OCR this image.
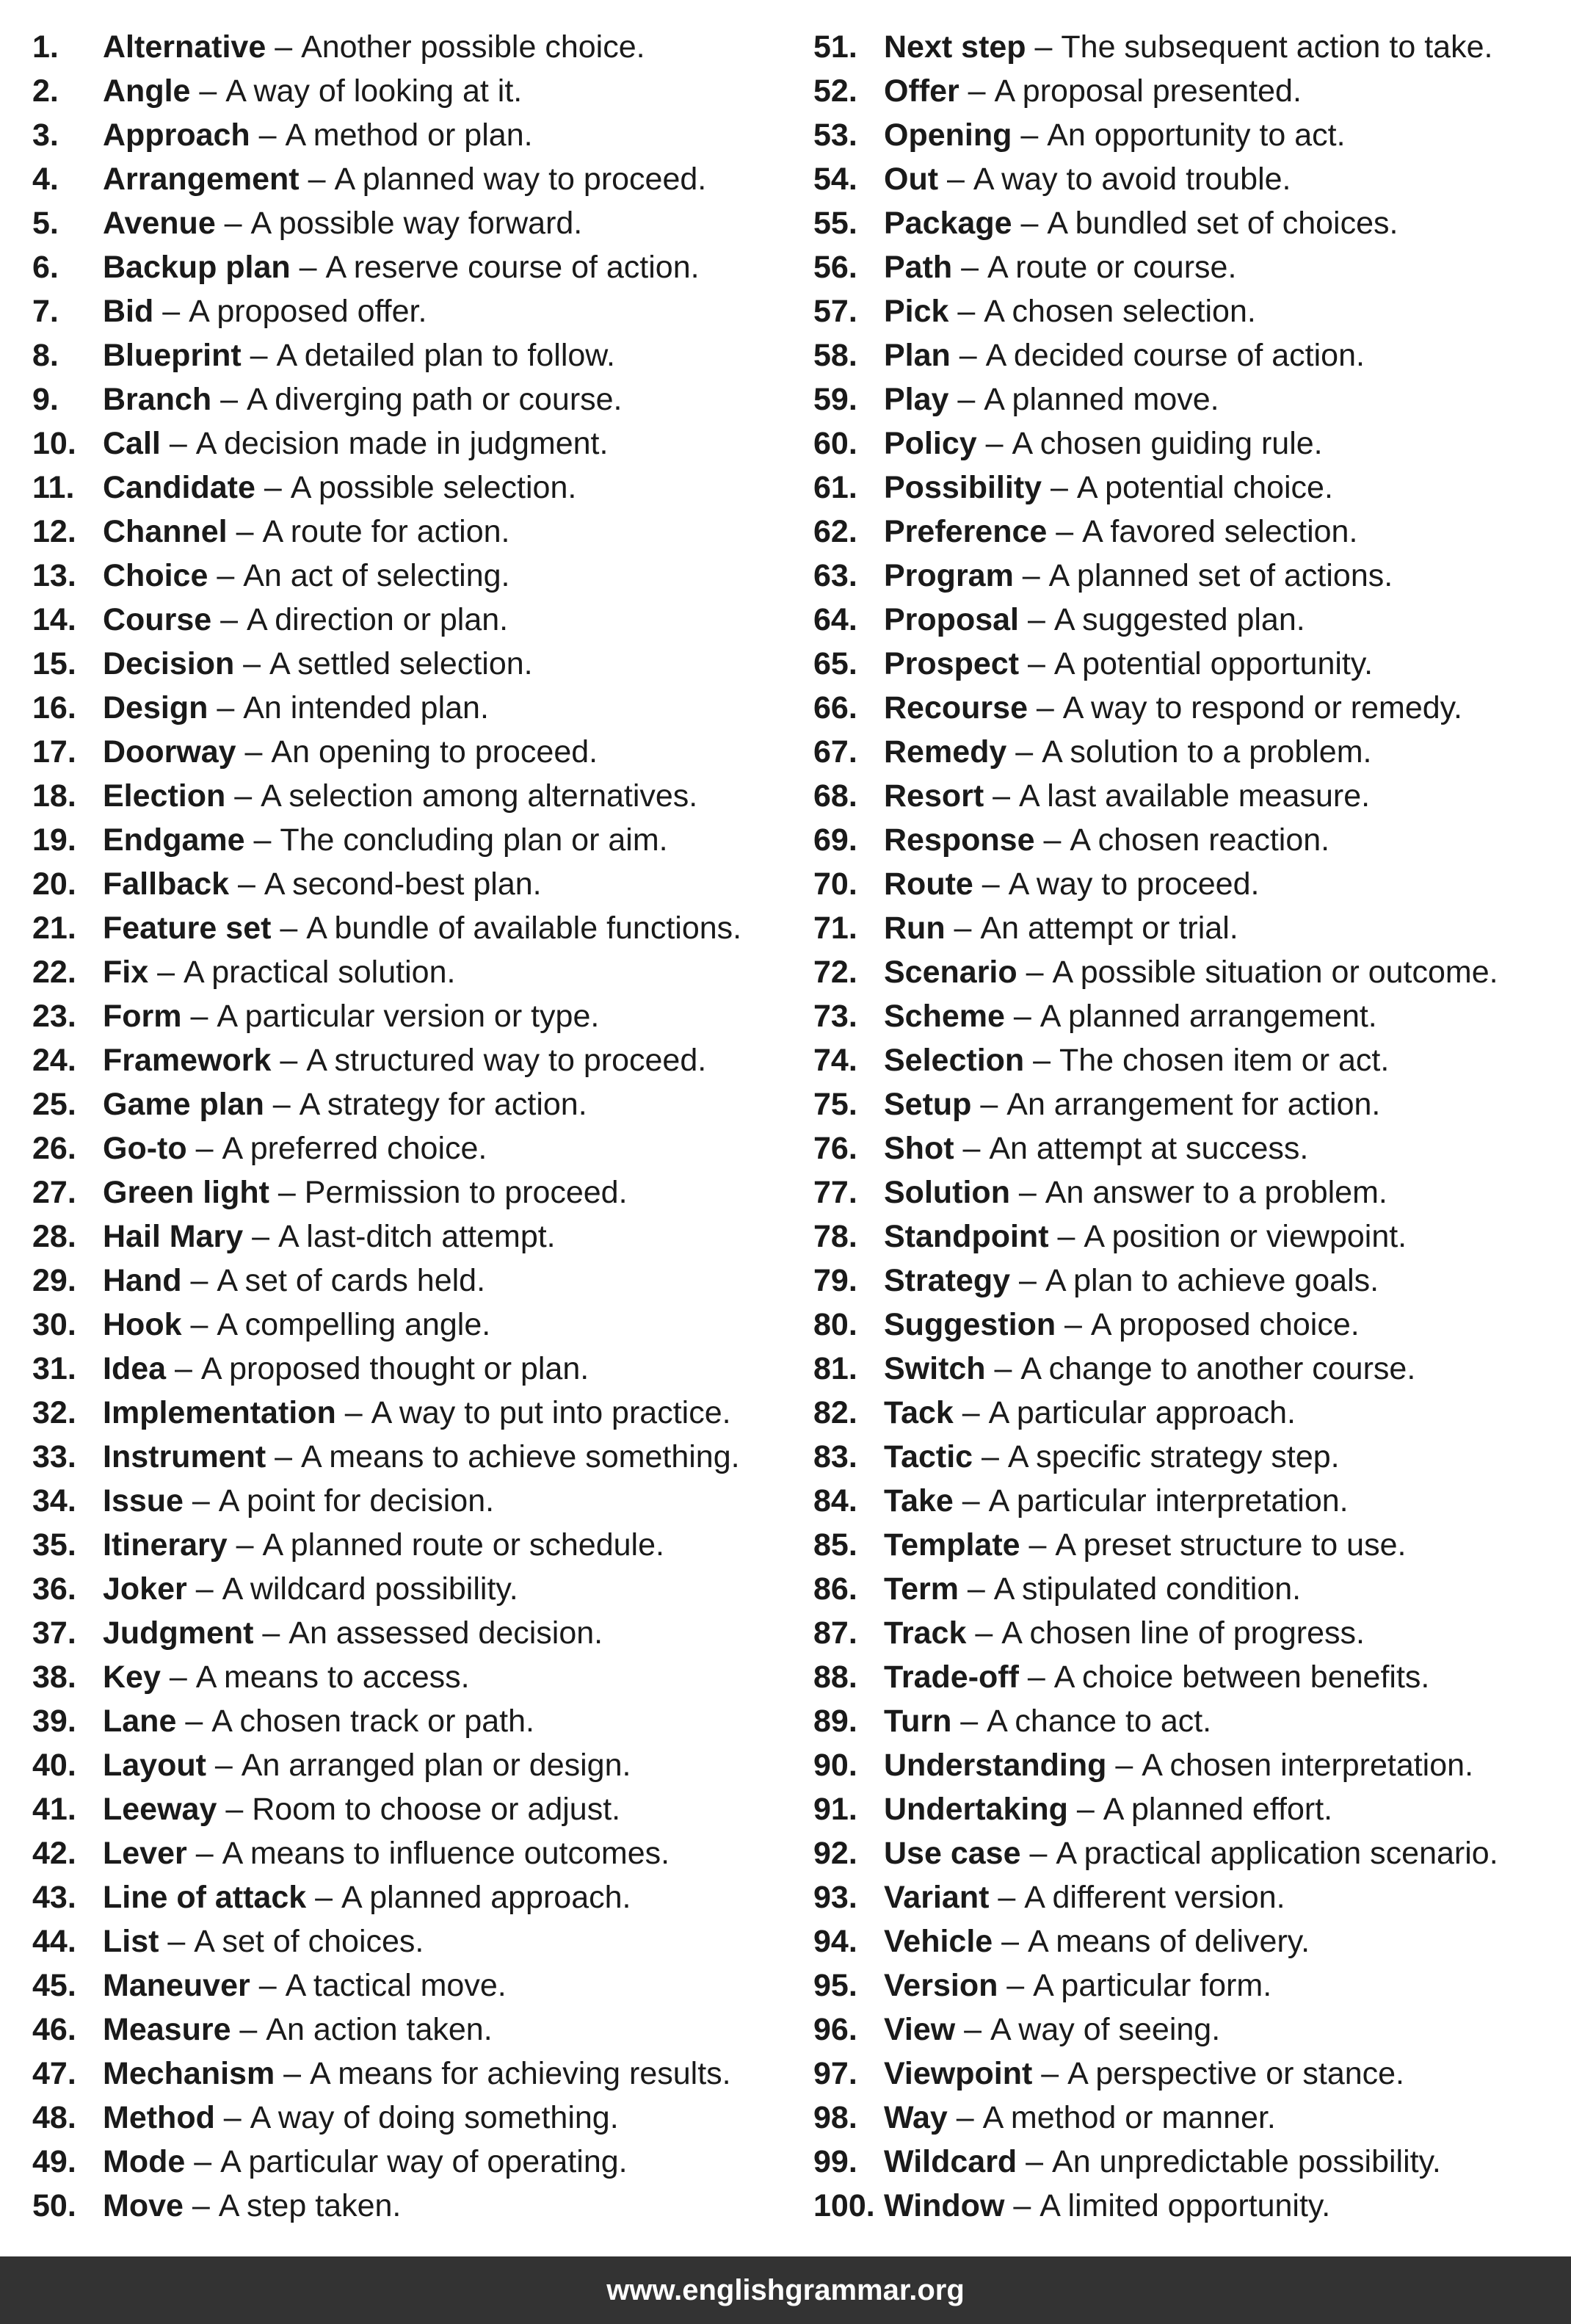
1.	Alternative – Another possible choice.
2.	Angle – A way of looking at it.
3.	Approach – A method or plan.
4.	Arrangement – A planned way to proceed.
5.	Avenue – A possible way forward.
6.	Backup plan – A reserve course of action.
7.	Bid – A proposed offer.
8.	Blueprint – A detailed plan to follow.
9.	Branch – A diverging path or course.
10. Call – A decision made in judgment.
11. Candidate – A possible selection.
12. Channel – A route for action.
13. Choice – An act of selecting.
14. Course – A direction or plan.
15. Decision – A settled selection.
16. Design – An intended plan.
17. Doorway – An opening to proceed.
18. Election – A selection among alternatives.
19. Endgame – The concluding plan or aim.
20. Fallback – A second-best plan.
21. Feature set – A bundle of available functions.
22. Fix – A practical solution.
23. Form – A particular version or type.
24. Framework – A structured way to proceed.
25. Game plan – A strategy for action.
26. Go-to – A preferred choice.
27. Green light – Permission to proceed.
28. Hail Mary – A last-ditch attempt.
29. Hand – A set of cards held.
30. Hook – A compelling angle.
31. Idea – A proposed thought or plan.
32. Implementation – A way to put into practice.
33. Instrument – A means to achieve something.
34. Issue – A point for decision.
35. Itinerary – A planned route or schedule.
36. Joker – A wildcard possibility.
37. Judgment – An assessed decision.
38. Key – A means to access.
39. Lane – A chosen track or path.
40. Layout – An arranged plan or design.
41. Leeway – Room to choose or adjust.
42. Lever – A means to influence outcomes.
43. Line of attack – A planned approach.
44. List – A set of choices.
45. Maneuver – A tactical move.
46. Measure – An action taken.
47. Mechanism – A means for achieving results.
48. Method – A way of doing something.
49. Mode – A particular way of operating.
50. Move – A step taken.
51. Next step – The subsequent action to take.
52. Offer – A proposal presented.
53. Opening – An opportunity to act.
54. Out – A way to avoid trouble.
55. Package – A bundled set of choices.
56. Path – A route or course.
57. Pick – A chosen selection.
58. Plan – A decided course of action.
59. Play – A planned move.
60. Policy – A chosen guiding rule.
61. Possibility – A potential choice.
62. Preference – A favored selection.
63. Program – A planned set of actions.
64. Proposal – A suggested plan.
65. Prospect – A potential opportunity.
66. Recourse – A way to respond or remedy.
67. Remedy – A solution to a problem.
68. Resort – A last available measure.
69. Response – A chosen reaction.
70. Route – A way to proceed.
71. Run – An attempt or trial.
72. Scenario – A possible situation or outcome.
73. Scheme – A planned arrangement.
74. Selection – The chosen item or act.
75. Setup – An arrangement for action.
76. Shot – An attempt at success.
77. Solution – An answer to a problem.
78. Standpoint – A position or viewpoint.
79. Strategy – A plan to achieve goals.
80. Suggestion – A proposed choice.
81. Switch – A change to another course.
82. Tack – A particular approach.
83. Tactic – A specific strategy step.
84. Take – A particular interpretation.
85. Template – A preset structure to use.
86. Term – A stipulated condition.
87. Track – A chosen line of progress.
88. Trade-off – A choice between benefits.
89. Turn – A chance to act.
90. Understanding – A chosen interpretation.
91. Undertaking – A planned effort.
92. Use case – A practical application scenario.
93. Variant – A different version.
94. Vehicle – A means of delivery.
95. Version – A particular form.
96. View – A way of seeing.
97. Viewpoint – A perspective or stance.
98. Way – A method or manner.
99. Wildcard – An unpredictable possibility.
100. Window – A limited opportunity.
www.englishgrammar.org
